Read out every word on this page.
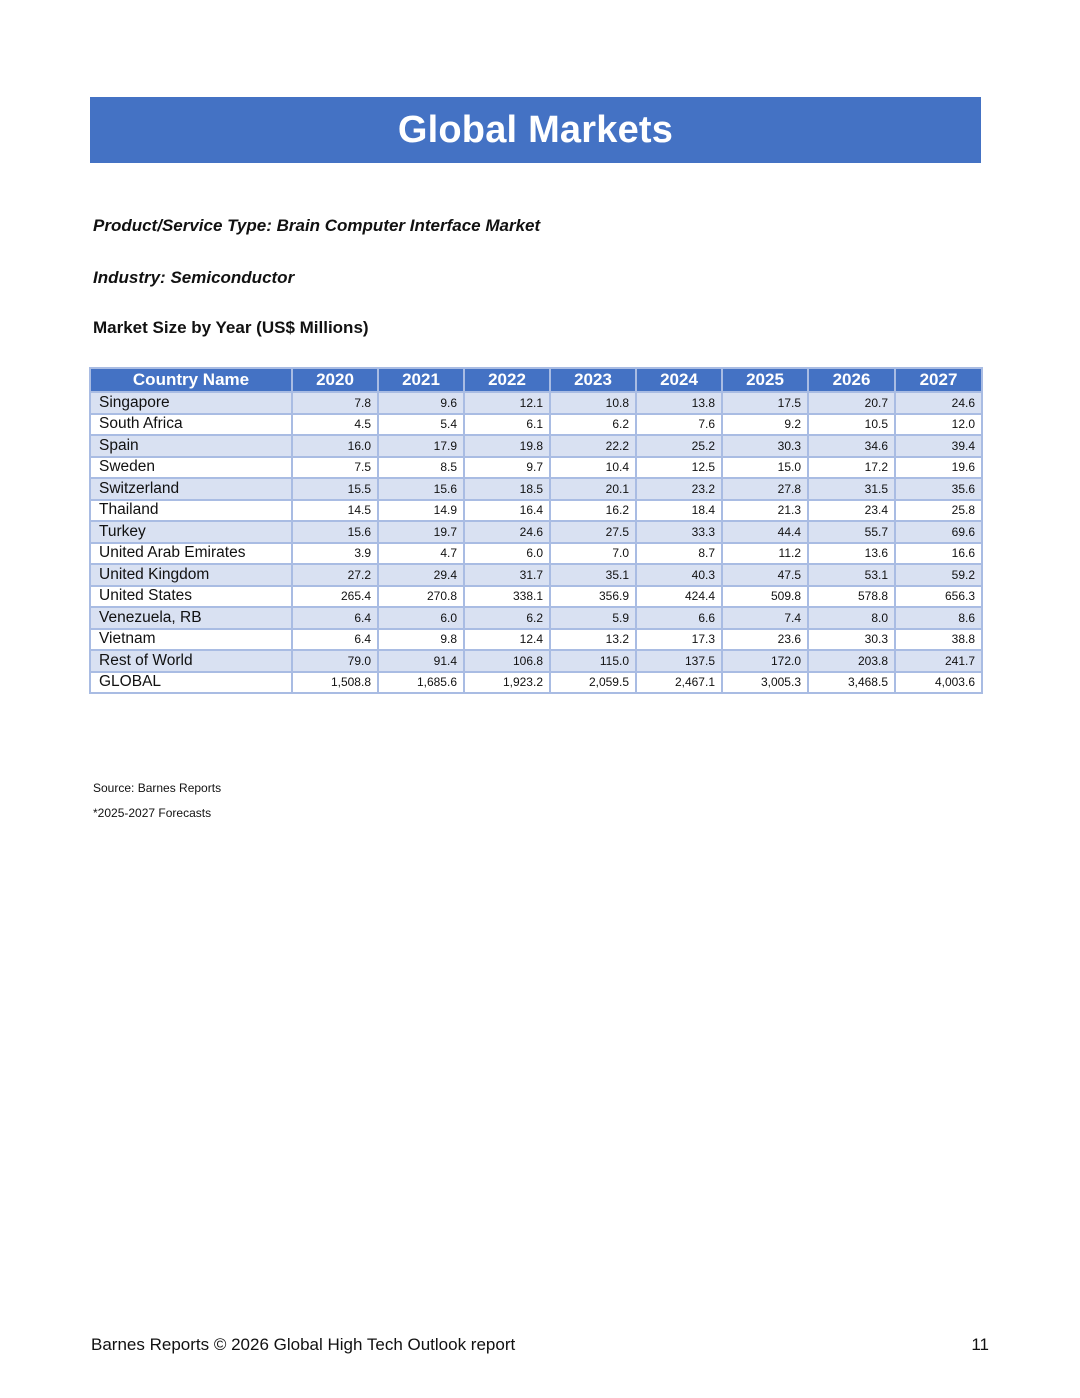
Global Markets
Product/Service Type: Brain Computer Interface Market
Industry: Semiconductor
Market Size by Year (US$ Millions)
Country Name	2020	2021	2022	2023	2024	2025	2026	2027
Singapore	7.8	9.6	12.1	10.8	13.8	17.5	20.7	24.6
South Africa	4.5	5.4	6.1	6.2	7.6	9.2	10.5	12.0
Spain	16.0	17.9	19.8	22.2	25.2	30.3	34.6	39.4
Sweden	7.5	8.5	9.7	10.4	12.5	15.0	17.2	19.6
Switzerland	15.5	15.6	18.5	20.1	23.2	27.8	31.5	35.6
Thailand	14.5	14.9	16.4	16.2	18.4	21.3	23.4	25.8
Turkey	15.6	19.7	24.6	27.5	33.3	44.4	55.7	69.6
United Arab Emirates	3.9	4.7	6.0	7.0	8.7	11.2	13.6	16.6
United Kingdom	27.2	29.4	31.7	35.1	40.3	47.5	53.1	59.2
United States	265.4	270.8	338.1	356.9	424.4	509.8	578.8	656.3
Venezuela, RB	6.4	6.0	6.2	5.9	6.6	7.4	8.0	8.6
Vietnam	6.4	9.8	12.4	13.2	17.3	23.6	30.3	38.8
Rest of World	79.0	91.4	106.8	115.0	137.5	172.0	203.8	241.7
GLOBAL	1,508.8	1,685.6	1,923.2	2,059.5	2,467.1	3,005.3	3,468.5	4,003.6
Source: Barnes Reports
*2025-2027 Forecasts
Barnes Reports © 2026 Global High Tech Outlook report	11
